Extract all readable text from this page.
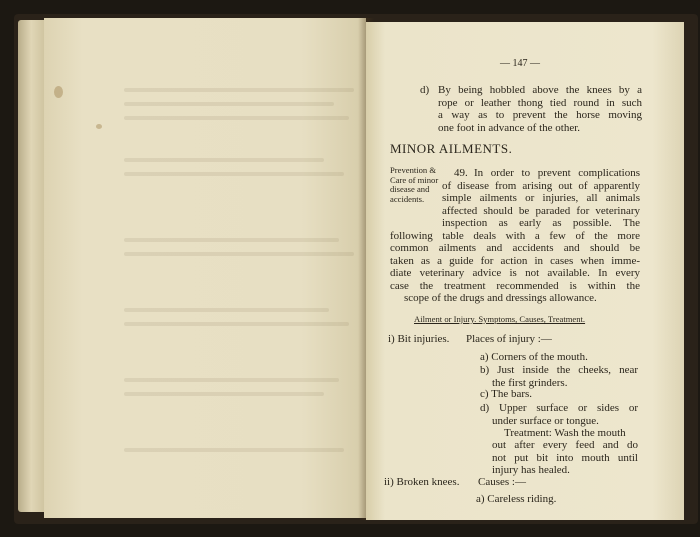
— 147 —
d) By being hobbled above the knees by a
rope or leather thong tied round in such
a way as to prevent the horse moving
one foot in advance of the other.
MINOR AILMENTS.
Prevention & Care of minor disease and accidents.
49. In order to prevent complications
of disease from arising out of apparently
simple ailments or injuries, all animals
affected should be paraded for veterinary
inspection as early as possible. The
following table deals with a few of the more
common ailments and accidents and should be
taken as a guide for action in cases when imme-
diate veterinary advice is not available. In every
case the treatment recommended is within the
scope of the drugs and dressings allowance.
Ailment or Injury. Symptoms, Causes, Treatment.
i) Bit injuries. Places of injury :—
a) Corners of the mouth.
b) Just inside the cheeks, near
the first grinders.
c) The bars.
d) Upper surface or sides or
under surface or tongue.
Treatment: Wash the mouth
out after every feed and do
not put bit into mouth until
injury has healed.
ii) Broken knees. Causes :—
a) Careless riding.
